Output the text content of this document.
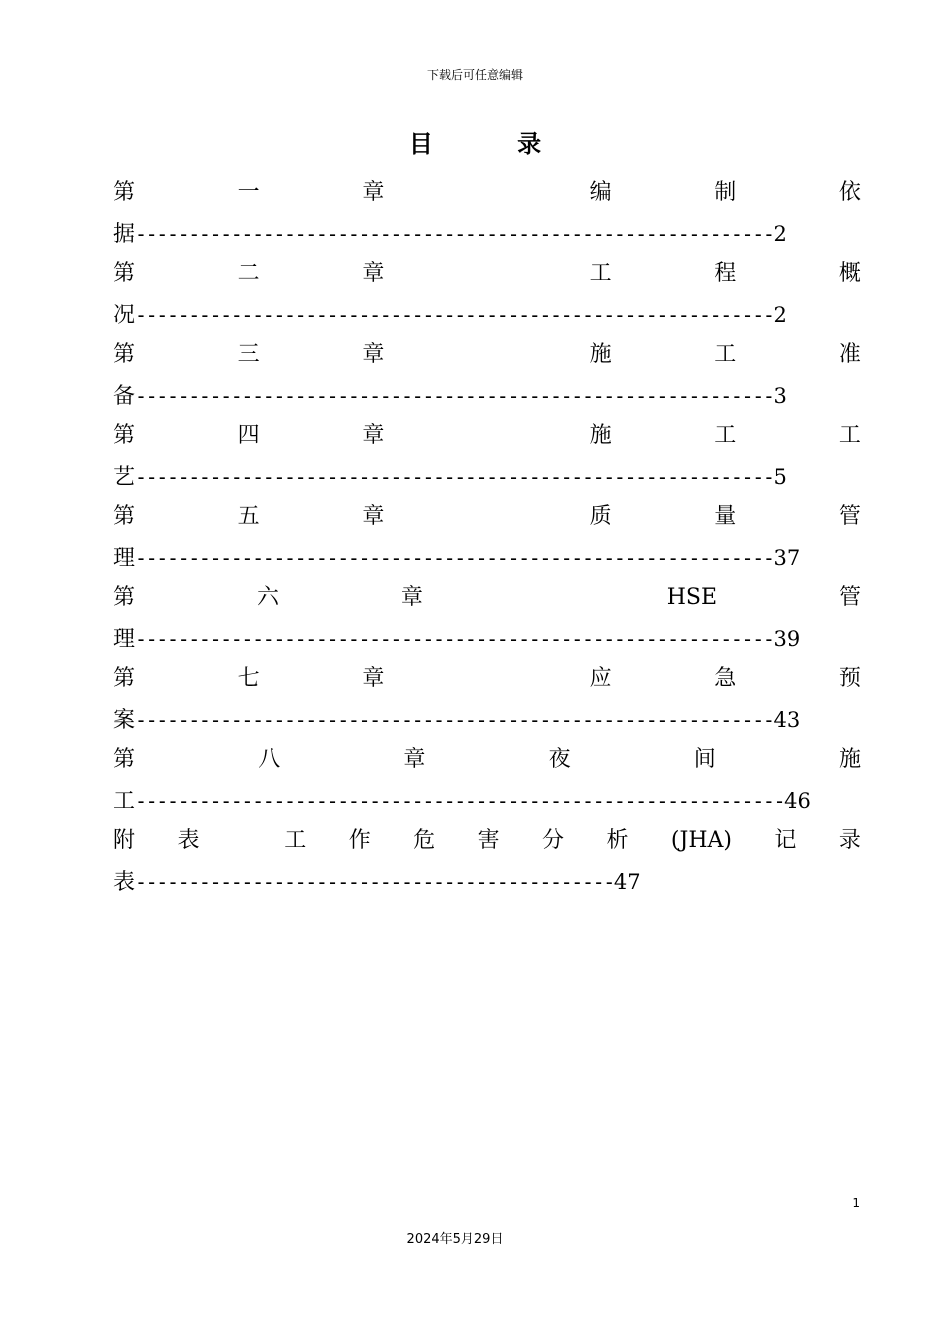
下载后可任意编辑
目 录
第	一	章	编	制	依
据 ------------------------------------------------------------ 2
第	二	章	工	程	概
况 ------------------------------------------------------------ 2
第	三	章	施	工	准
备 ------------------------------------------------------------ 3
第	四	章	施	工	工
艺 ------------------------------------------------------------ 5
第	五	章	质	量	管
理 ------------------------------------------------------------ 37
第	六	章	HSE	管
理 ------------------------------------------------------------ 39
第	七	章	应	急	预
案 ------------------------------------------------------------ 43
第	八	章	夜	间	施
工 ------------------------------------------------------------- 46
附 表	工 作 危 害 分 析 (JHA) 记 录
表 --------------------------------------------- 47
1
2024年5月29日
